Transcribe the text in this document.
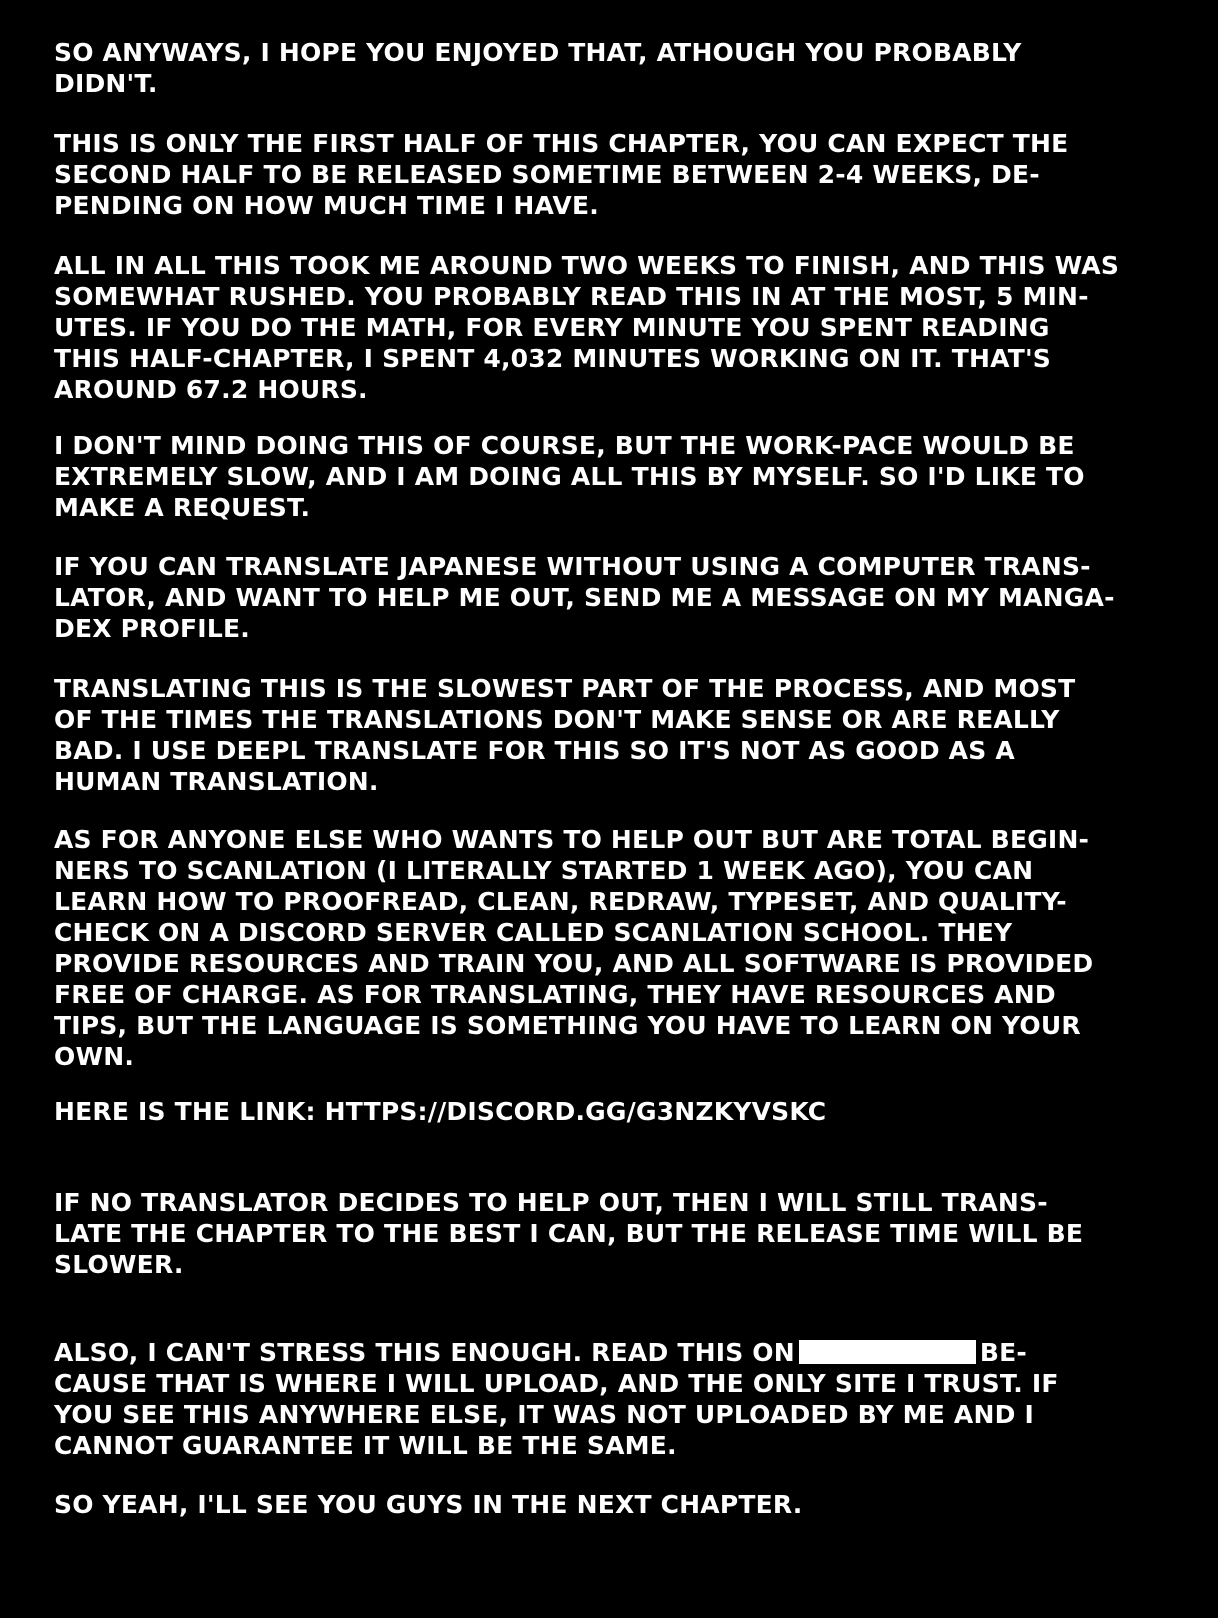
SO ANYWAYS, I HOPE YOU ENJOYED THAT, ATHOUGH YOU PROBABLY
DIDN'T.
THIS IS ONLY THE FIRST HALF OF THIS CHAPTER, YOU CAN EXPECT THE
SECOND HALF TO BE RELEASED SOMETIME BETWEEN 2-4 WEEKS, DE-
PENDING ON HOW MUCH TIME I HAVE.
ALL IN ALL THIS TOOK ME AROUND TWO WEEKS TO FINISH, AND THIS WAS
SOMEWHAT RUSHED. YOU PROBABLY READ THIS IN AT THE MOST, 5 MIN-
UTES. IF YOU DO THE MATH, FOR EVERY MINUTE YOU SPENT READING
THIS HALF-CHAPTER, I SPENT 4,032 MINUTES WORKING ON IT. THAT'S
AROUND 67.2 HOURS.
I DON'T MIND DOING THIS OF COURSE, BUT THE WORK-PACE WOULD BE
EXTREMELY SLOW, AND I AM DOING ALL THIS BY MYSELF. SO I'D LIKE TO
MAKE A REQUEST.
IF YOU CAN TRANSLATE JAPANESE WITHOUT USING A COMPUTER TRANS-
LATOR, AND WANT TO HELP ME OUT, SEND ME A MESSAGE ON MY MANGA-
DEX PROFILE.
TRANSLATING THIS IS THE SLOWEST PART OF THE PROCESS, AND MOST
OF THE TIMES THE TRANSLATIONS DON'T MAKE SENSE OR ARE REALLY
BAD. I USE DEEPL TRANSLATE FOR THIS SO IT'S NOT AS GOOD AS A
HUMAN TRANSLATION.
AS FOR ANYONE ELSE WHO WANTS TO HELP OUT BUT ARE TOTAL BEGIN-
NERS TO SCANLATION (I LITERALLY STARTED 1 WEEK AGO), YOU CAN
LEARN HOW TO PROOFREAD, CLEAN, REDRAW, TYPESET, AND QUALITY-
CHECK ON A DISCORD SERVER CALLED SCANLATION SCHOOL. THEY
PROVIDE RESOURCES AND TRAIN YOU, AND ALL SOFTWARE IS PROVIDED
FREE OF CHARGE. AS FOR TRANSLATING, THEY HAVE RESOURCES AND
TIPS, BUT THE LANGUAGE IS SOMETHING YOU HAVE TO LEARN ON YOUR
OWN.
HERE IS THE LINK: HTTPS://DISCORD.GG/G3NZKYVSKC
IF NO TRANSLATOR DECIDES TO HELP OUT, THEN I WILL STILL TRANS-
LATE THE CHAPTER TO THE BEST I CAN, BUT THE RELEASE TIME WILL BE
SLOWER.
ALSO, I CAN'T STRESS THIS ENOUGH. READ THIS ON	BE-
CAUSE THAT IS WHERE I WILL UPLOAD, AND THE ONLY SITE I TRUST. IF
YOU SEE THIS ANYWHERE ELSE, IT WAS NOT UPLOADED BY ME AND I
CANNOT GUARANTEE IT WILL BE THE SAME.
SO YEAH, I'LL SEE YOU GUYS IN THE NEXT CHAPTER.
